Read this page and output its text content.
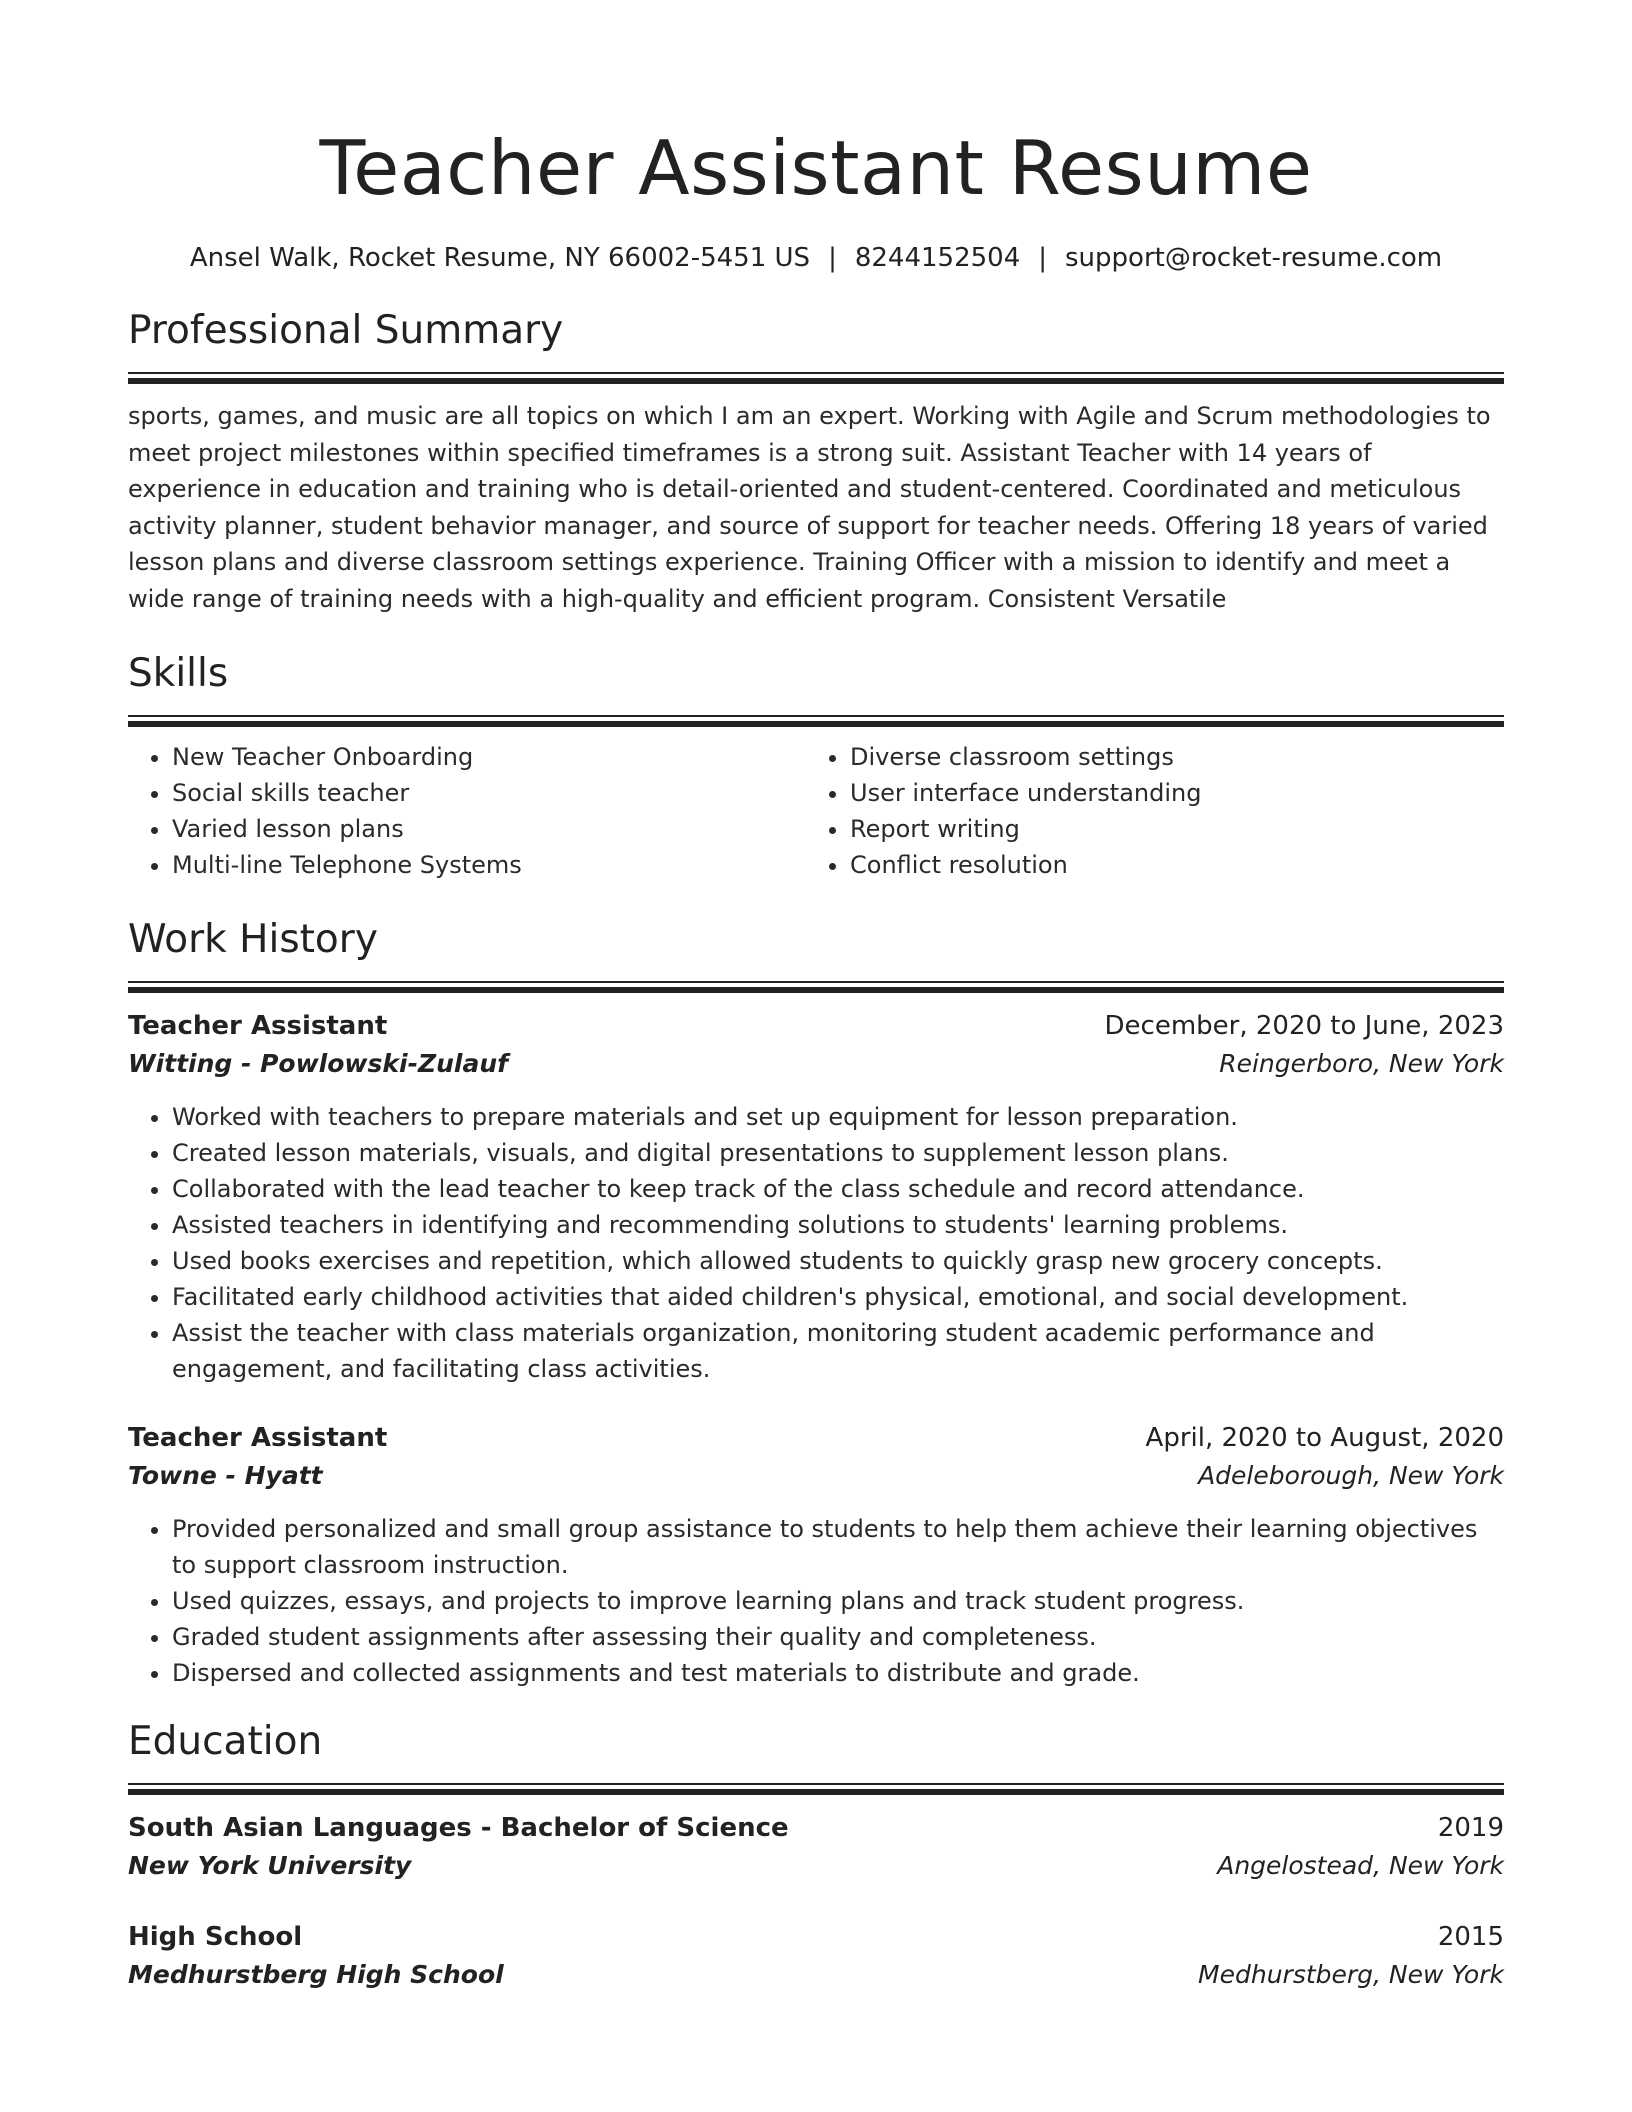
Teacher Assistant Resume
Ansel Walk, Rocket Resume, NY 66002-5451 US | 8244152504 | support@rocket-resume.com
Professional Summary

sports, games, and music are all topics on which I am an expert. Working with Agile and Scrum methodologies to meet project milestones within specified timeframes is a strong suit. Assistant Teacher with 14 years of experience in education and training who is detail-oriented and student-centered. Coordinated and meticulous activity planner, student behavior manager, and source of support for teacher needs. Offering 18 years of varied lesson plans and diverse classroom settings experience. Training Officer with a mission to identify and meet a wide range of training needs with a high-quality and efficient program. Consistent Versatile

Skills
• New Teacher Onboarding
• Social skills teacher
• Varied lesson plans
• Multi-line Telephone Systems
• Diverse classroom settings
• User interface understanding
• Report writing
• Conflict resolution
Work History
Teacher Assistant	December, 2020 to June, 2023
Witting - Powlowski-Zulauf	Reingerboro, New York
• Worked with teachers to prepare materials and set up equipment for lesson preparation.
• Created lesson materials, visuals, and digital presentations to supplement lesson plans.
• Collaborated with the lead teacher to keep track of the class schedule and record attendance.
• Assisted teachers in identifying and recommending solutions to students' learning problems.
• Used books exercises and repetition, which allowed students to quickly grasp new grocery concepts.
• Facilitated early childhood activities that aided children's physical, emotional, and social development.
• Assist the teacher with class materials organization, monitoring student academic performance and engagement, and facilitating class activities.
Teacher Assistant	April, 2020 to August, 2020
Towne - Hyatt	Adeleborough, New York
• Provided personalized and small group assistance to students to help them achieve their learning objectives to support classroom instruction.
• Used quizzes, essays, and projects to improve learning plans and track student progress.
• Graded student assignments after assessing their quality and completeness.
• Dispersed and collected assignments and test materials to distribute and grade.
Education
South Asian Languages - Bachelor of Science	2019
New York University	Angelostead, New York
High School	2015
Medhurstberg High School	Medhurstberg, New York
